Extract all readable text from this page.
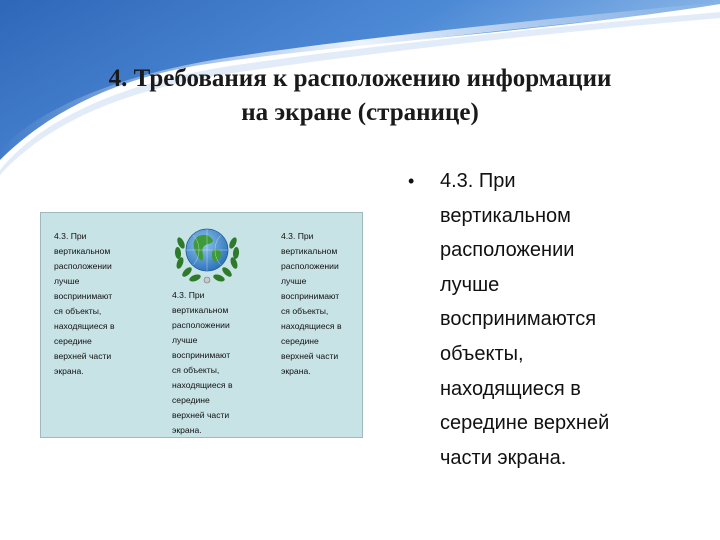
4. Требования к расположению информации
на экране (странице)
4.3. При
вертикальном
расположении
лучше
воспринимают
ся объекты,
находящиеся в
середине
верхней части
экрана.
4.3. При
вертикальном
расположении
лучше
воспринимают
ся объекты,
находящиеся в
середине
верхней части
экрана.
4.3. При
вертикальном
расположении
лучше
воспринимают
ся объекты,
находящиеся в
середине
верхней части
экрана.
• 4.3. При
вертикальном
расположении
лучше
воспринимаются
объекты,
находящиеся в
середине верхней
части экрана.
